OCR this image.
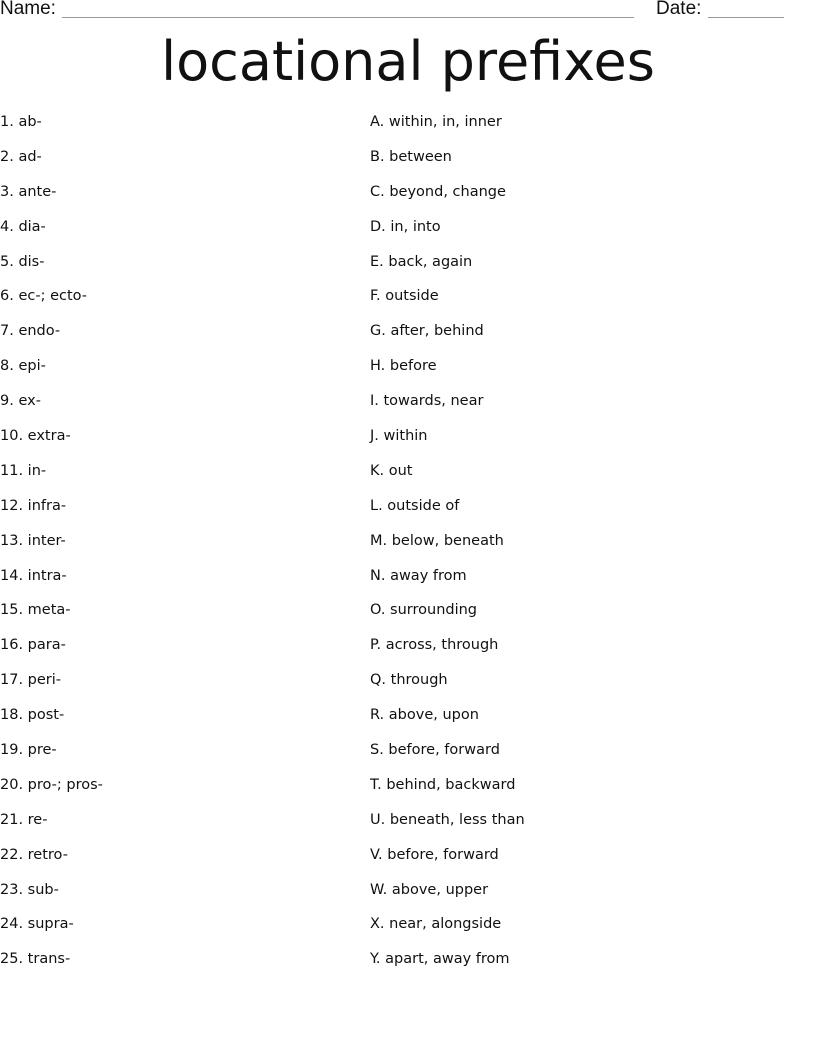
Name:	Date:
locational prefixes
1. ab-
2. ad-
3. ante-
4. dia-
5. dis-
6. ec-; ecto-
7. endo-
8. epi-
9. ex-
10. extra-
11. in-
12. infra-
13. inter-
14. intra-
15. meta-
16. para-
17. peri-
18. post-
19. pre-
20. pro-; pros-
21. re-
22. retro-
23. sub-
24. supra-
25. trans-
A. within, in, inner
B. between
C. beyond, change
D. in, into
E. back, again
F. outside
G. after, behind
H. before
I. towards, near
J. within
K. out
L. outside of
M. below, beneath
N. away from
O. surrounding
P. across, through
Q. through
R. above, upon
S. before, forward
T. behind, backward
U. beneath, less than
V. before, forward
W. above, upper
X. near, alongside
Y. apart, away from
